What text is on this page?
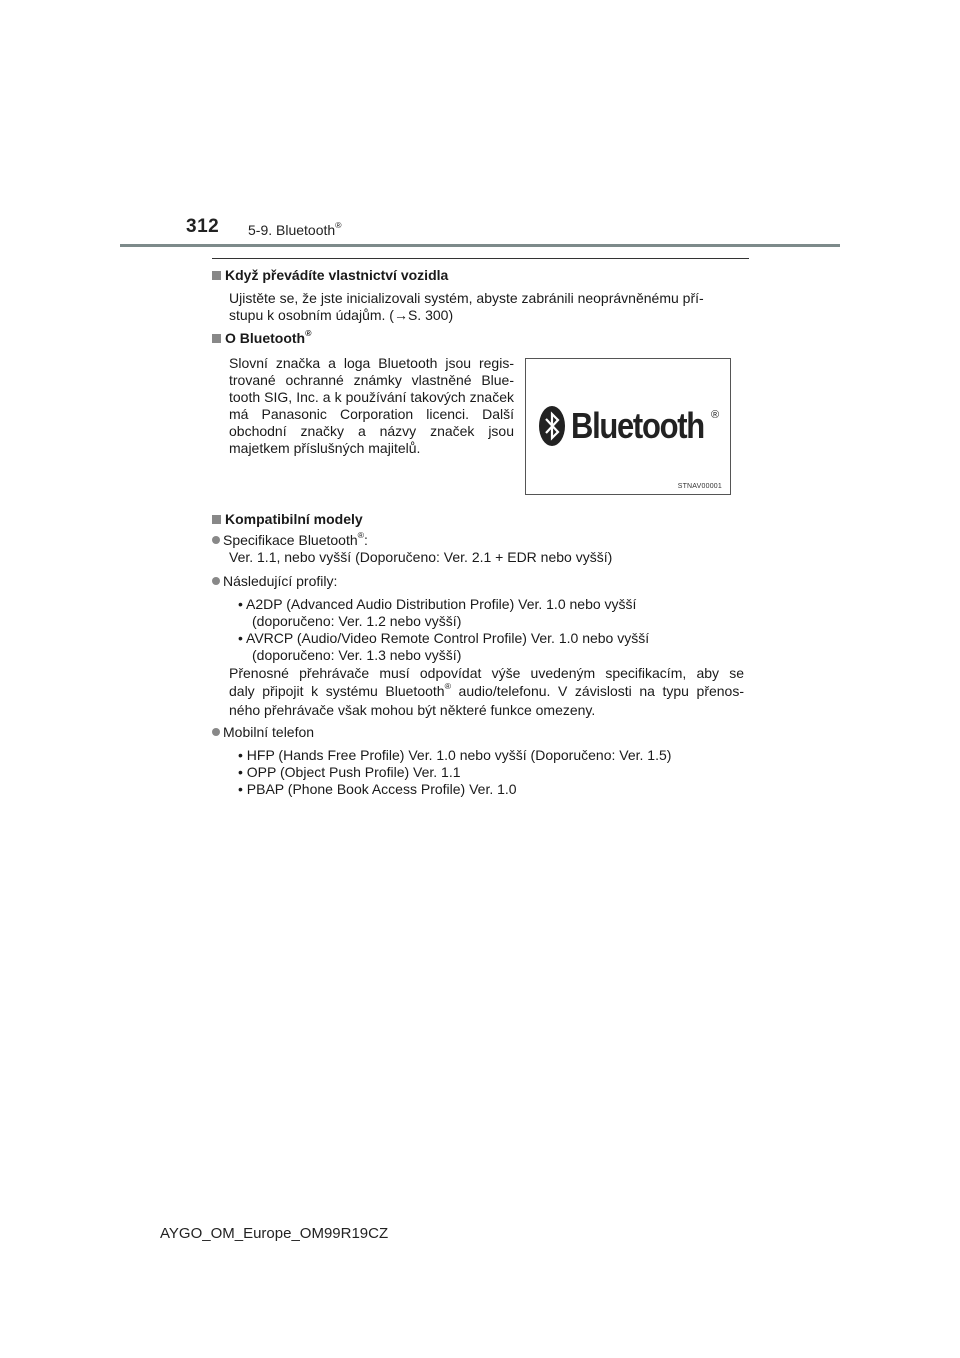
312 5-9. Bluetooth®
Když převádíte vlastnictví vozidla
Ujistěte se, že jste inicializovali systém, abyste zabránili neoprávněnému pří-
stupu k osobním údajům. (→S. 300)
O Bluetooth®
Slovní značka a loga Bluetooth jsou regis-trované ochranné známky vlastněné Blue-tooth SIG, Inc. a k používání takových značek má Panasonic Corporation licenci. Další obchodní značky a názvy značek jsou majetkem příslušných majitelů.
Bluetooth ®
STNAV00001
Kompatibilní modely
Specifikace Bluetooth®:
Ver. 1.1, nebo vyšší (Doporučeno: Ver. 2.1 + EDR nebo vyšší)
Následující profily:
• A2DP (Advanced Audio Distribution Profile) Ver. 1.0 nebo vyšší
(doporučeno: Ver. 1.2 nebo vyšší)
• AVRCP (Audio/Video Remote Control Profile) Ver. 1.0 nebo vyšší
(doporučeno: Ver. 1.3 nebo vyšší)
Přenosné přehrávače musí odpovídat výše uvedeným specifikacím, aby se
daly připojit k systému Bluetooth® audio/telefonu. V závislosti na typu přenos-
ného přehrávače však mohou být některé funkce omezeny.
Mobilní telefon
• HFP (Hands Free Profile) Ver. 1.0 nebo vyšší (Doporučeno: Ver. 1.5)
• OPP (Object Push Profile) Ver. 1.1
• PBAP (Phone Book Access Profile) Ver. 1.0
AYGO_OM_Europe_OM99R19CZ
